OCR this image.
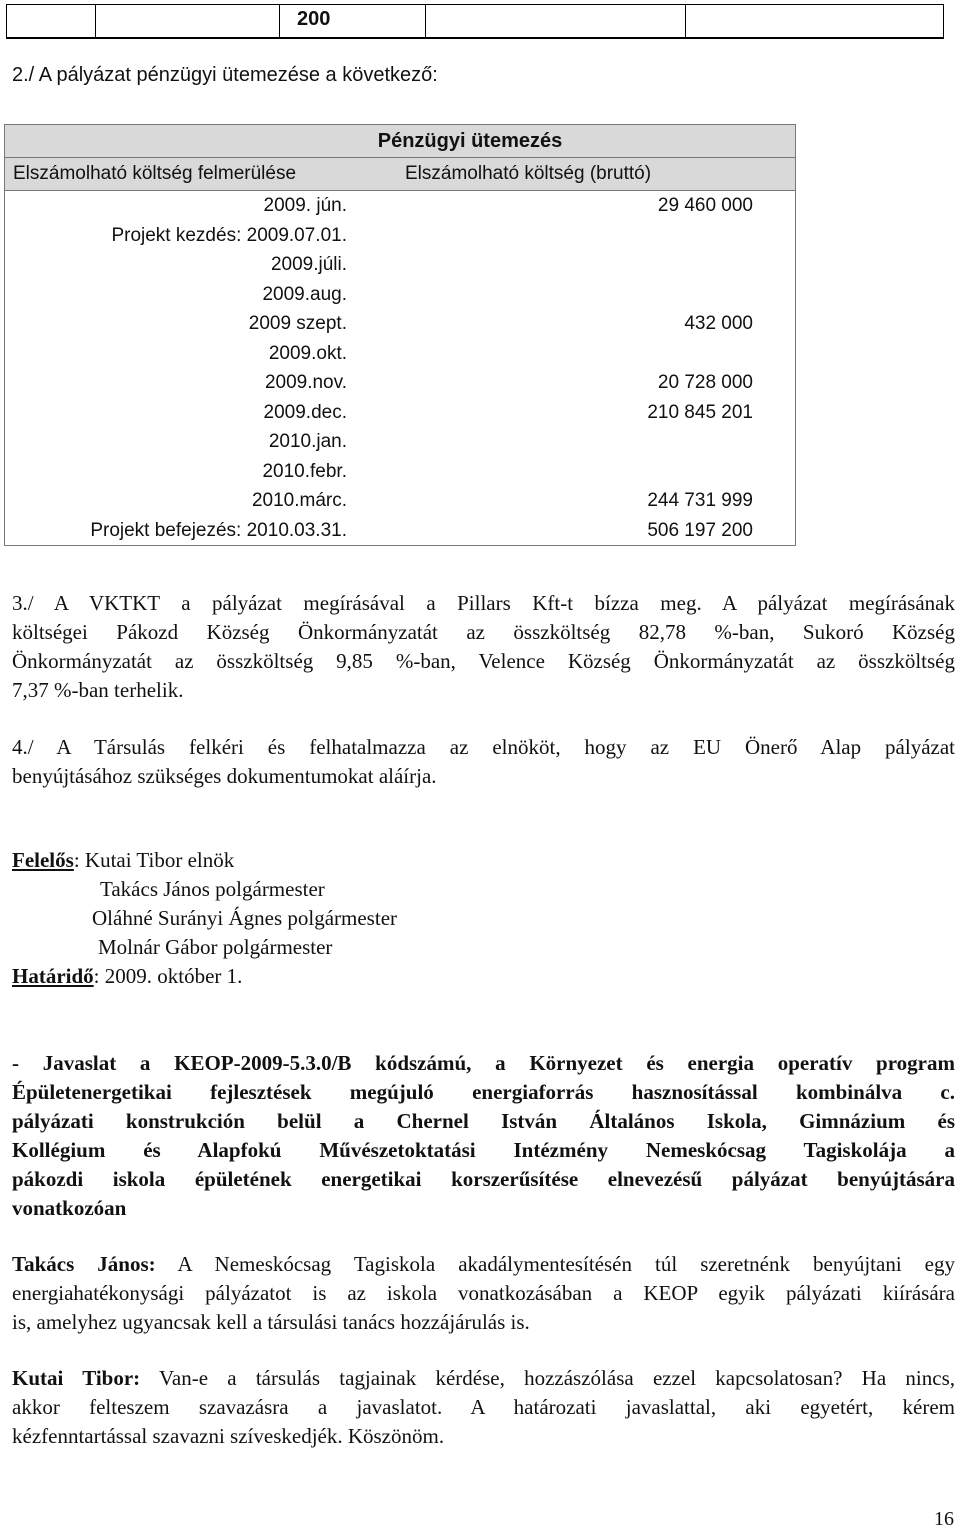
200
2./ A pályázat pénzügyi ütemezése a következő:
Pénzügyi ütemezés
Elszámolható költség felmerülése	Elszámolható költség (bruttó)
2009. jún.	29 460 000
Projekt kezdés: 2009.07.01.
2009.júli.
2009.aug.
2009 szept.	432 000
2009.okt.
2009.nov.	20 728 000
2009.dec.	210 845 201
2010.jan.
2010.febr.
2010.márc.	244 731 999
Projekt befejezés: 2010.03.31.	506 197 200
3./ A VKTKT a pályázat megírásával a Pillars Kft-t bízza meg. A pályázat megírásának
költségei Pákozd Község Önkormányzatát az összköltség 82,78 %-ban, Sukoró Község
Önkormányzatát az összköltség 9,85 %-ban, Velence Község Önkormányzatát az összköltség
7,37 %-ban terhelik.
4./ A Társulás felkéri és felhatalmazza az elnököt, hogy az EU Önerő Alap pályázat
benyújtásához szükséges dokumentumokat aláírja.
Felelős: Kutai Tibor elnök
Takács János polgármester
Oláhné Surányi Ágnes polgármester
Molnár Gábor polgármester
Határidő: 2009. október 1.
- Javaslat a KEOP-2009-5.3.0/B kódszámú, a Környezet és energia operatív program
Épületenergetikai fejlesztések megújuló energiaforrás hasznosítással kombinálva c.
pályázati konstrukción belül a Chernel István Általános Iskola, Gimnázium és
Kollégium és Alapfokú Művészetoktatási Intézmény Nemeskócsag Tagiskolája a
pákozdi iskola épületének energetikai korszerűsítése elnevezésű pályázat benyújtására
vonatkozóan
Takács János: A Nemeskócsag Tagiskola akadálymentesítésén túl szeretnénk benyújtani egy
energiahatékonysági pályázatot is az iskola vonatkozásában a KEOP egyik pályázati kiírására
is, amelyhez ugyancsak kell a társulási tanács hozzájárulás is.
Kutai Tibor: Van-e a társulás tagjainak kérdése, hozzászólása ezzel kapcsolatosan? Ha nincs,
akkor felteszem szavazásra a javaslatot. A határozati javaslattal, aki egyetért, kérem
kézfenntartással szavazni szíveskedjék. Köszönöm.
16
